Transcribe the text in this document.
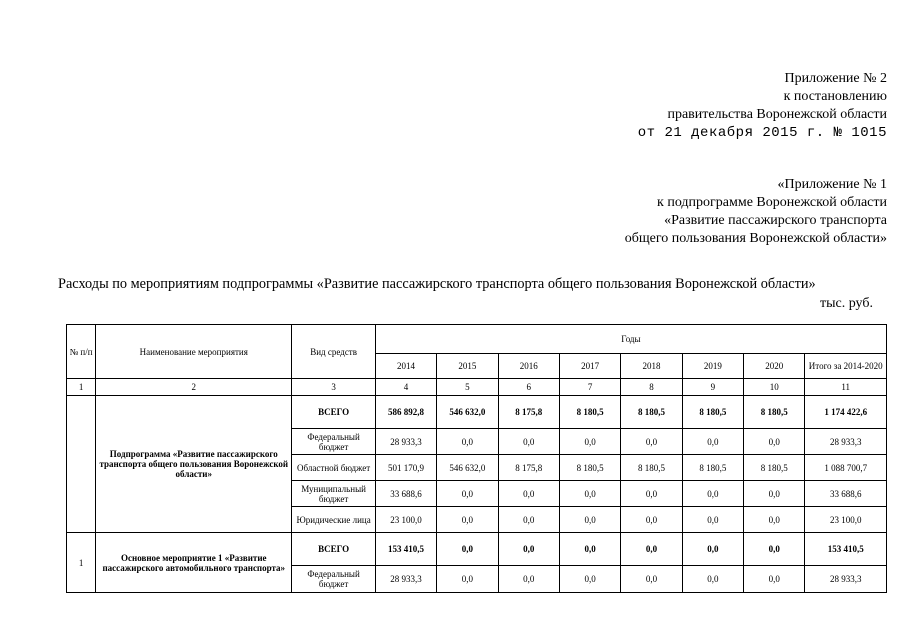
Приложение № 2
к постановлению
правительства Воронежской области
от 21 декабря 2015 г. № 1015
«Приложение № 1
к подпрограмме Воронежской области
«Развитие пассажирского транспорта
общего пользования Воронежской области»
Расходы по мероприятиям подпрограммы «Развитие пассажирского транспорта общего пользования Воронежской области»
тыс. руб.
№ п/п	Наименование мероприятия	Вид средств	Годы							
			2014	2015	2016	2017	2018	2019	2020	Итого за 2014-2020
1	2	3	4	5	6	7	8	9	10	11
	Подпрограмма «Развитие пассажирского транспорта общего пользования Воронежской области»	ВСЕГО	586 892,8	546 632,0	8 175,8	8 180,5	8 180,5	8 180,5	8 180,5	1 174 422,6
		Федеральный бюджет	28 933,3	0,0	0,0	0,0	0,0	0,0	0,0	28 933,3
		Областной бюджет	501 170,9	546 632,0	8 175,8	8 180,5	8 180,5	8 180,5	8 180,5	1 088 700,7
		Муниципальный бюджет	33 688,6	0,0	0,0	0,0	0,0	0,0	0,0	33 688,6
		Юридические лица	23 100,0	0,0	0,0	0,0	0,0	0,0	0,0	23 100,0
1	Основное мероприятие 1 «Развитие пассажирского автомобильного транспорта»	ВСЕГО	153 410,5	0,0	0,0	0,0	0,0	0,0	0,0	153 410,5
		Федеральный бюджет	28 933,3	0,0	0,0	0,0	0,0	0,0	0,0	28 933,3
